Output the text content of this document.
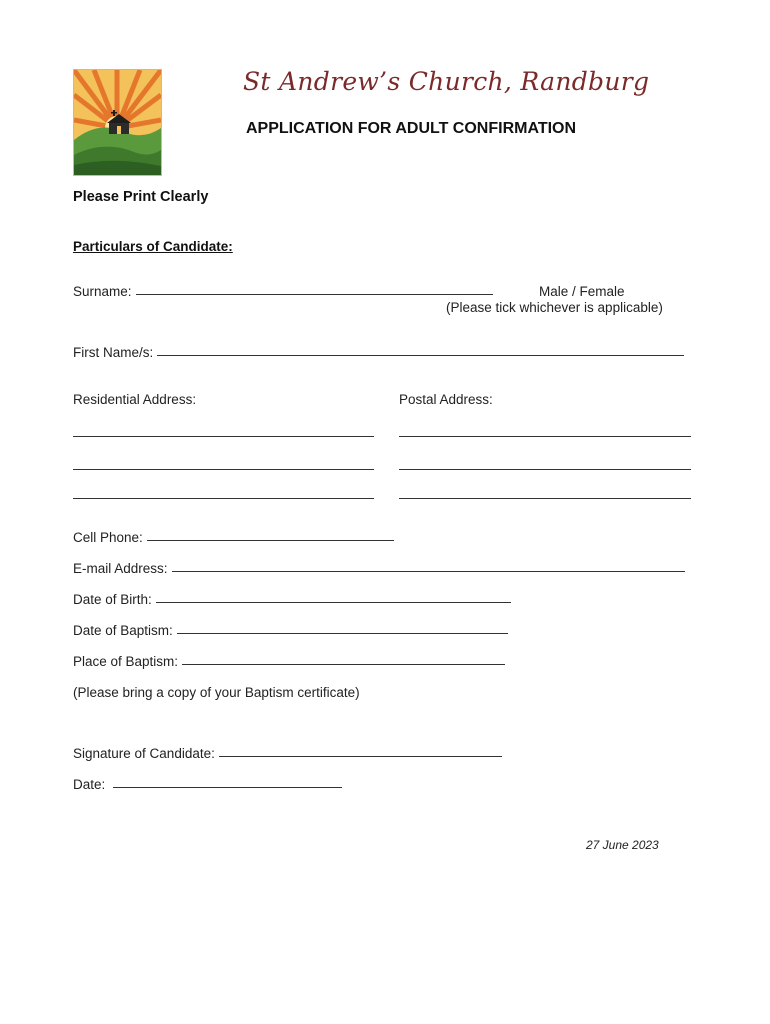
St Andrew’s Church, Randburg
APPLICATION FOR ADULT CONFIRMATION
Please Print Clearly
Particulars of Candidate:
Surname:	Male / Female
(Please tick whichever is applicable)
First Name/s:
Residential Address:	Postal Address:
Cell Phone:
E-mail Address:
Date of Birth:
Date of Baptism:
Place of Baptism:
(Please bring a copy of your Baptism certificate)
Signature of Candidate:
Date:
27 June 2023
